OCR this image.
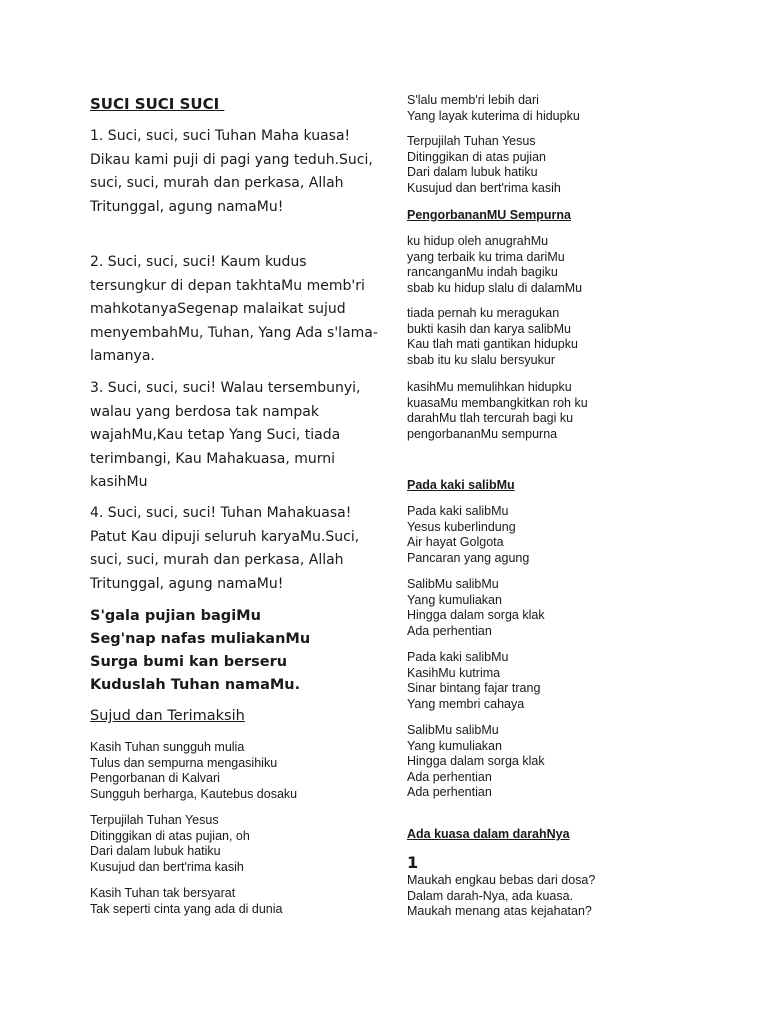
SUCI SUCI SUCI

1. Suci, suci, suci Tuhan Maha kuasa! Dikau kami puji di pagi yang teduh.Suci, suci, suci, murah dan perkasa, Allah Tritunggal, agung namaMu!

2. Suci, suci, suci! Kaum kudus tersungkur di depan takhtaMu memb'ri mahkotanyaSegenap malaikat sujud menyembahMu, Tuhan, Yang Ada s'lama-lamanya.

3. Suci, suci, suci! Walau tersembunyi, walau yang berdosa tak nampak wajahMu,Kau tetap Yang Suci, tiada terimbangi, Kau Mahakuasa, murni kasihMu

4. Suci, suci, suci! Tuhan Mahakuasa! Patut Kau dipuji seluruh karyaMu.Suci, suci, suci, murah dan perkasa, Allah Tritunggal, agung namaMu!

S'gala pujian bagiMu
Seg'nap nafas muliakanMu
Surga bumi kan berseru
Kuduslah Tuhan namaMu.
Sujud dan Terimaksih
Kasih Tuhan sungguh mulia
Tulus dan sempurna mengasihiku
Pengorbanan di Kalvari
Sungguh berharga, Kautebus dosaku
Terpujilah Tuhan Yesus
Ditinggikan di atas pujian, oh
Dari dalam lubuk hatiku
Kusujud dan bert'rima kasih
Kasih Tuhan tak bersyarat
Tak seperti cinta yang ada di dunia
S'lalu memb'ri lebih dari
Yang layak kuterima di hidupku
Terpujilah Tuhan Yesus
Ditinggikan di atas pujian
Dari dalam lubuk hatiku
Kusujud dan bert'rima kasih
PengorbananMU Sempurna
ku hidup oleh anugrahMu
yang terbaik ku trima dariMu
rancanganMu indah bagiku
sbab ku hidup slalu di dalamMu
tiada pernah ku meragukan
bukti kasih dan karya salibMu
Kau tlah mati gantikan hidupku
sbab itu ku slalu bersyukur
kasihMu memulihkan hidupku
kuasaMu membangkitkan roh ku
darahMu tlah tercurah bagi ku
pengorbananMu sempurna
Pada kaki salibMu
Pada kaki salibMu
Yesus kuberlindung
Air hayat Golgota
Pancaran yang agung
SalibMu salibMu
Yang kumuliakan
Hingga dalam sorga klak
Ada perhentian
Pada kaki salibMu
KasihMu kutrima
Sinar bintang fajar trang
Yang membri cahaya
SalibMu salibMu
Yang kumuliakan
Hingga dalam sorga klak
Ada perhentian
Ada perhentian
Ada kuasa dalam darahNya
1
Maukah engkau bebas dari dosa?
Dalam darah-Nya, ada kuasa.
Maukah menang atas kejahatan?
